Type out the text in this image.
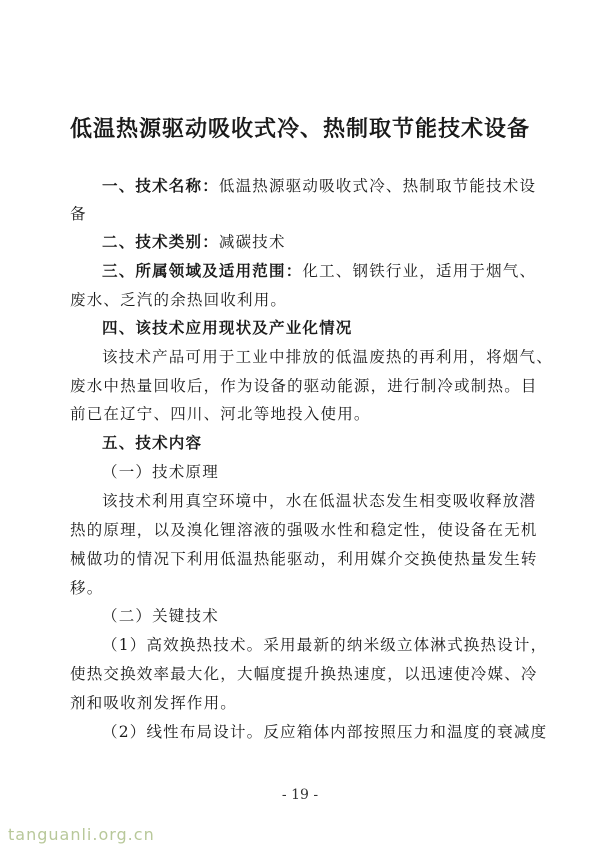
低温热源驱动吸收式冷、热制取节能技术设备
一、技术名称：低温热源驱动吸收式冷、热制取节能技术设
备
二、技术类别：减碳技术
三、所属领域及适用范围：化工、钢铁行业，适用于烟气、
废水、乏汽的余热回收利用。
四、该技术应用现状及产业化情况
该技术产品可用于工业中排放的低温废热的再利用，将烟气、
废水中热量回收后，作为设备的驱动能源，进行制冷或制热。目
前已在辽宁、四川、河北等地投入使用。
五、技术内容
（一）技术原理
该技术利用真空环境中，水在低温状态发生相变吸收释放潜
热的原理，以及溴化锂溶液的强吸水性和稳定性，使设备在无机
械做功的情况下利用低温热能驱动，利用媒介交换使热量发生转
移。
（二）关键技术
（1）高效换热技术。采用最新的纳米级立体淋式换热设计，
使热交换效率最大化，大幅度提升换热速度，以迅速使冷媒、冷
剂和吸收剂发挥作用。
（2）线性布局设计。反应箱体内部按照压力和温度的衰减度
- 19 -
tanguanli.org.cn
